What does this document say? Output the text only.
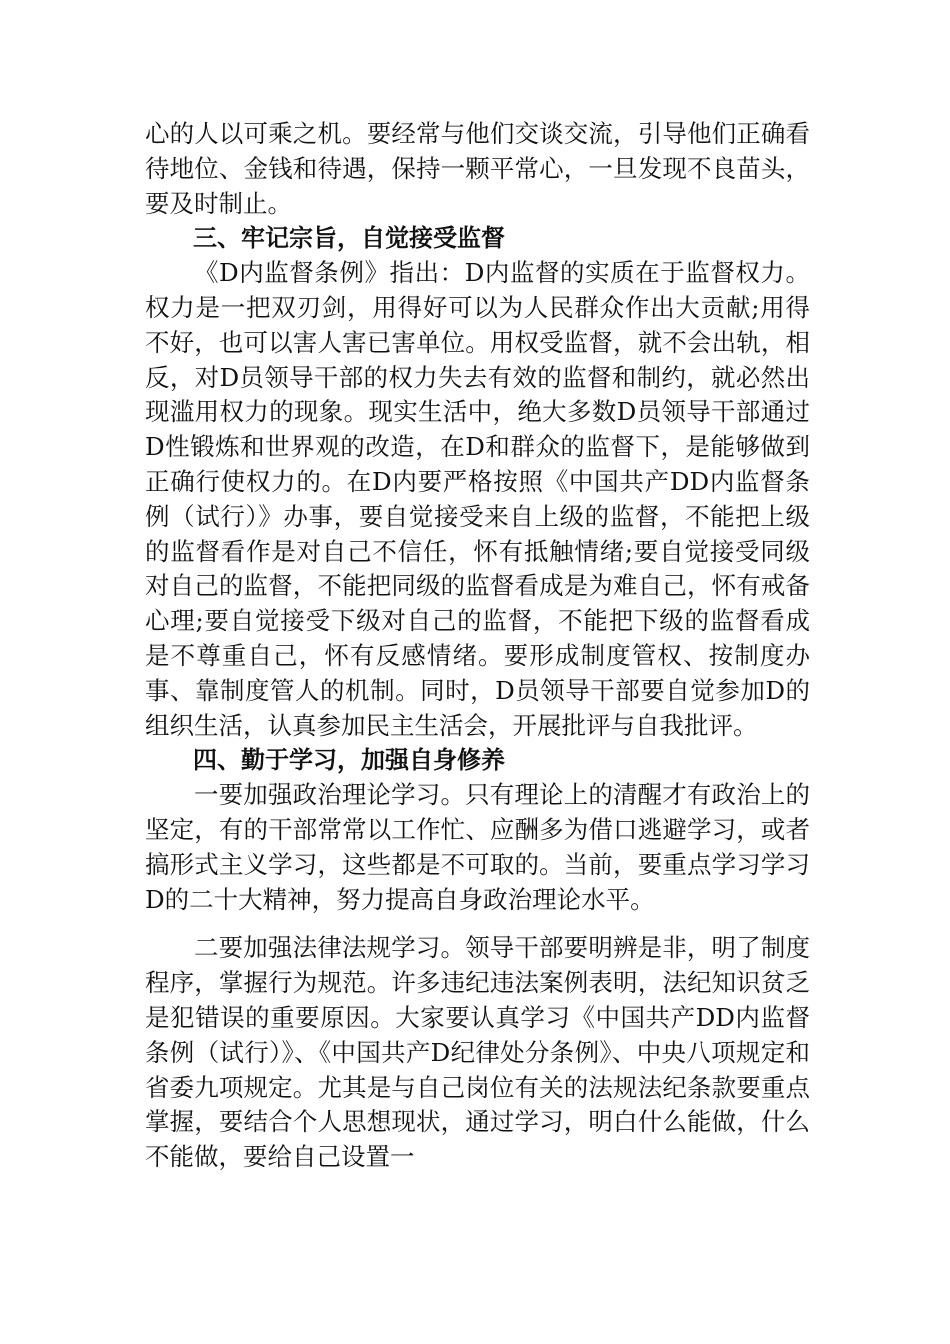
心的人以可乘之机。要经常与他们交谈交流，引导他们正确看待地位、金钱和待遇，保持一颗平常心，一旦发现不良苗头，要及时制止。

三、牢记宗旨，自觉接受监督

《D内监督条例》指出：D内监督的实质在于监督权力。权力是一把双刃剑，用得好可以为人民群众作出大贡献;用得不好，也可以害人害已害单位。用权受监督，就不会出轨，相反，对D员领导干部的权力失去有效的监督和制约，就必然出现滥用权力的现象。现实生活中，绝大多数D员领导干部通过D性锻炼和世界观的改造，在D和群众的监督下，是能够做到正确行使权力的。在D内要严格按照《中国共产DD内监督条例（试行）》办事，要自觉接受来自上级的监督，不能把上级的监督看作是对自己不信任，怀有抵触情绪;要自觉接受同级对自己的监督，不能把同级的监督看成是为难自己，怀有戒备心理;要自觉接受下级对自己的监督，不能把下级的监督看成是不尊重自己，怀有反感情绪。要形成制度管权、按制度办事、靠制度管人的机制。同时，D员领导干部要自觉参加D的组织生活，认真参加民主生活会，开展批评与自我批评。

四、勤于学习，加强自身修养

一要加强政治理论学习。只有理论上的清醒才有政治上的坚定，有的干部常常以工作忙、应酬多为借口逃避学习，或者搞形式主义学习，这些都是不可取的。当前，要重点学习学习D的二十大精神，努力提高自身政治理论水平。

二要加强法律法规学习。领导干部要明辨是非，明了制度程序，掌握行为规范。许多违纪违法案例表明，法纪知识贫乏是犯错误的重要原因。大家要认真学习《中国共产DD内监督条例（试行）》、《中国共产D纪律处分条例》、中央八项规定和省委九项规定。尤其是与自己岗位有关的法规法纪条款要重点掌握，要结合个人思想现状，通过学习，明白什么能做，什么不能做，要给自己设置一
